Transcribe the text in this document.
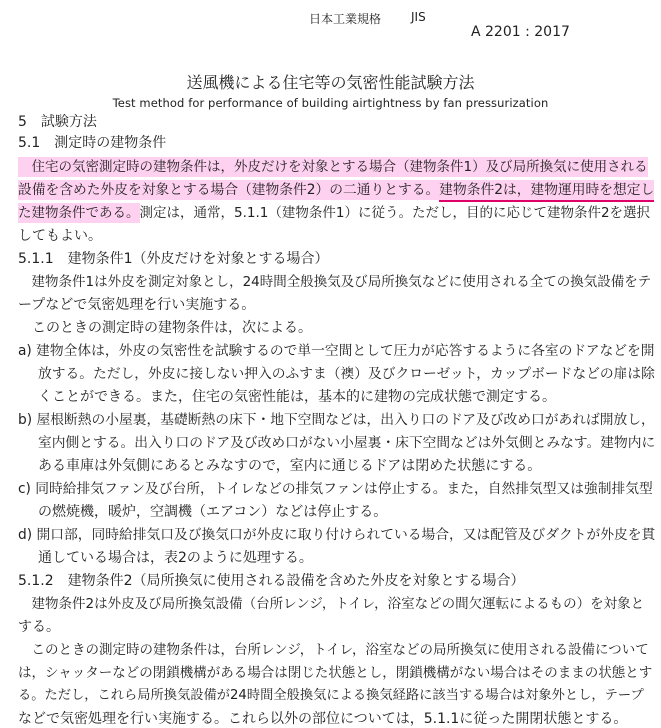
日本工業規格 JIS
A 2201 : 2017
送風機による住宅等の気密性能試験方法
Test method for performance of building airtightness by fan pressurization
5　試験方法
5.1　測定時の建物条件
　住宅の気密測定時の建物条件は，外皮だけを対象とする場合（建物条件1）及び局所換気に使用される
設備を含めた外皮を対象とする場合（建物条件2）の二通りとする。建物条件2は，建物運用時を想定し
た建物条件である。測定は，通常，5.1.1（建物条件1）に従う。ただし，目的に応じて建物条件2を選択
してもよい。
5.1.1　建物条件1（外皮だけを対象とする場合）
　建物条件1は外皮を測定対象とし，24時間全般換気及び局所換気などに使用される全ての換気設備をテ
ープなどで気密処理を行い実施する。
　このときの測定時の建物条件は，次による。
a) 建物全体は，外皮の気密性を試験するので単一空間として圧力が応答するように各室のドアなどを開
放する。ただし，外皮に接しない押入のふすま（襖）及びクローゼット，カップボードなどの扉は除
くことができる。また，住宅の気密性能は，基本的に建物の完成状態で測定する。
b) 屋根断熱の小屋裏，基礎断熱の床下・地下空間などは，出入り口のドア及び改め口があれば開放し，
室内側とする。出入り口のドア及び改め口がない小屋裏・床下空間などは外気側とみなす。建物内に
ある車庫は外気側にあるとみなすので，室内に通じるドアは閉めた状態にする。
c) 同時給排気ファン及び台所，トイレなどの排気ファンは停止する。また，自然排気型又は強制排気型
の燃焼機，暖炉，空調機（エアコン）などは停止する。
d) 開口部，同時給排気口及び換気口が外皮に取り付けられている場合，又は配管及びダクトが外皮を貫
通している場合は，表2のように処理する。
5.1.2　建物条件2（局所換気に使用される設備を含めた外皮を対象とする場合）
　建物条件2は外皮及び局所換気設備（台所レンジ，トイレ，浴室などの間欠運転によるもの）を対象と
する。
　このときの測定時の建物条件は，台所レンジ，トイレ，浴室などの局所換気に使用される設備について
は，シャッターなどの閉鎖機構がある場合は閉じた状態とし，閉鎖機構がない場合はそのままの状態とす
る。ただし，これら局所換気設備が24時間全般換気による換気経路に該当する場合は対象外とし，テープ
などで気密処理を行い実施する。これら以外の部位については，5.1.1に従った開閉状態とする。
